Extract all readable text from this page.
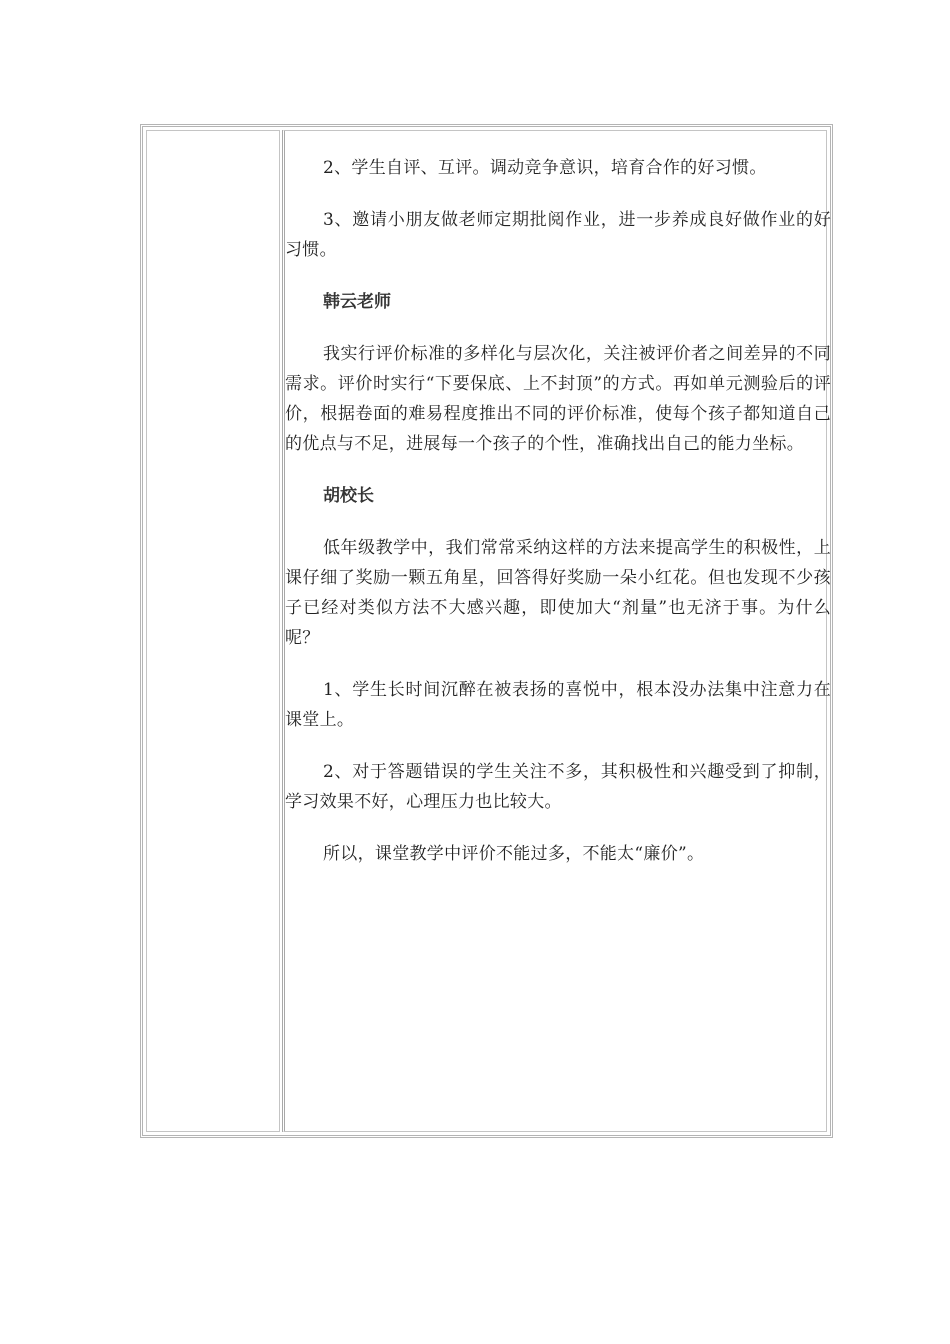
2、学生自评、互评。调动竞争意识，培育合作的好习惯。

3、邀请小朋友做老师定期批阅作业，进一步养成良好做作业的好习惯。

韩云老师

我实行评价标准的多样化与层次化，关注被评价者之间差异的不同需求。评价时实行“下要保底、上不封顶”的方式。再如单元测验后的评价，根据卷面的难易程度推出不同的评价标准，使每个孩子都知道自己的优点与不足，进展每一个孩子的个性，准确找出自己的能力坐标。

胡校长

低年级教学中，我们常常采纳这样的方法来提高学生的积极性，上课仔细了奖励一颗五角星，回答得好奖励一朵小红花。但也发现不少孩子已经对类似方法不大感兴趣，即使加大“剂量”也无济于事。为什么呢？

1、学生长时间沉醉在被表扬的喜悦中，根本没办法集中注意力在课堂上。

2、对于答题错误的学生关注不多，其积极性和兴趣受到了抑制，学习效果不好，心理压力也比较大。

所以，课堂教学中评价不能过多，不能太“廉价”。
